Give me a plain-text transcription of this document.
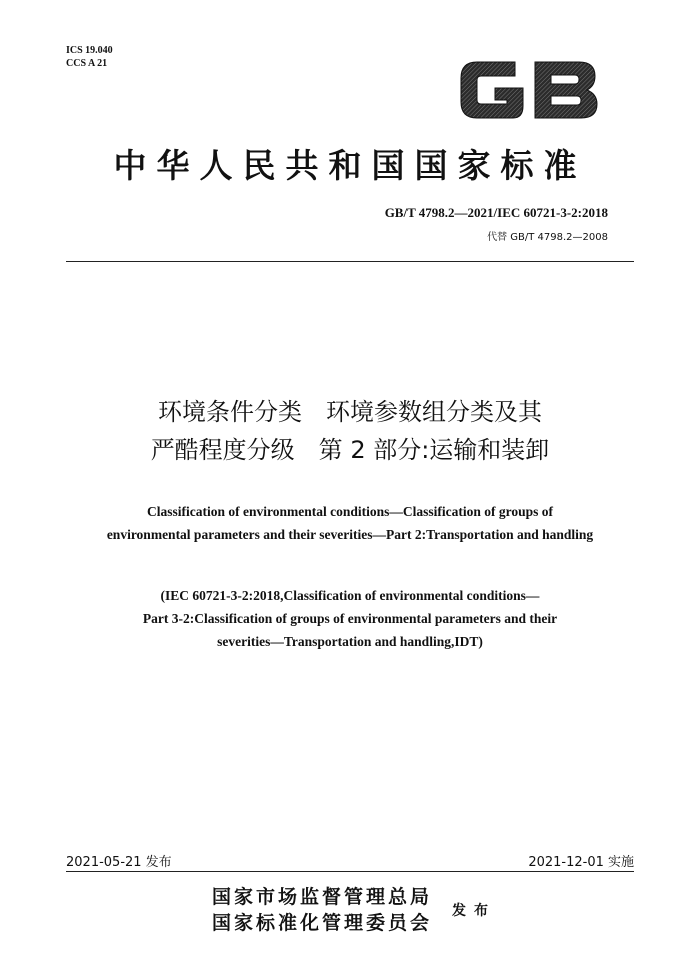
ICS 19.040
CCS A 21
中华人民共和国国家标准
GB/T 4798.2—2021/IEC 60721-3-2:2018
代替 GB/T 4798.2—2008
环境条件分类　环境参数组分类及其
严酷程度分级　第 2 部分:运输和装卸
Classification of environmental conditions—Classification of groups of
environmental parameters and their severities—Part 2:Transportation and handling
(IEC 60721-3-2:2018,Classification of environmental conditions—
Part 3-2:Classification of groups of environmental parameters and their
severities—Transportation and handling,IDT)
2021-05-21 发布	2021-12-01 实施
国家市场监督管理总局
国家标准化管理委员会
发布
